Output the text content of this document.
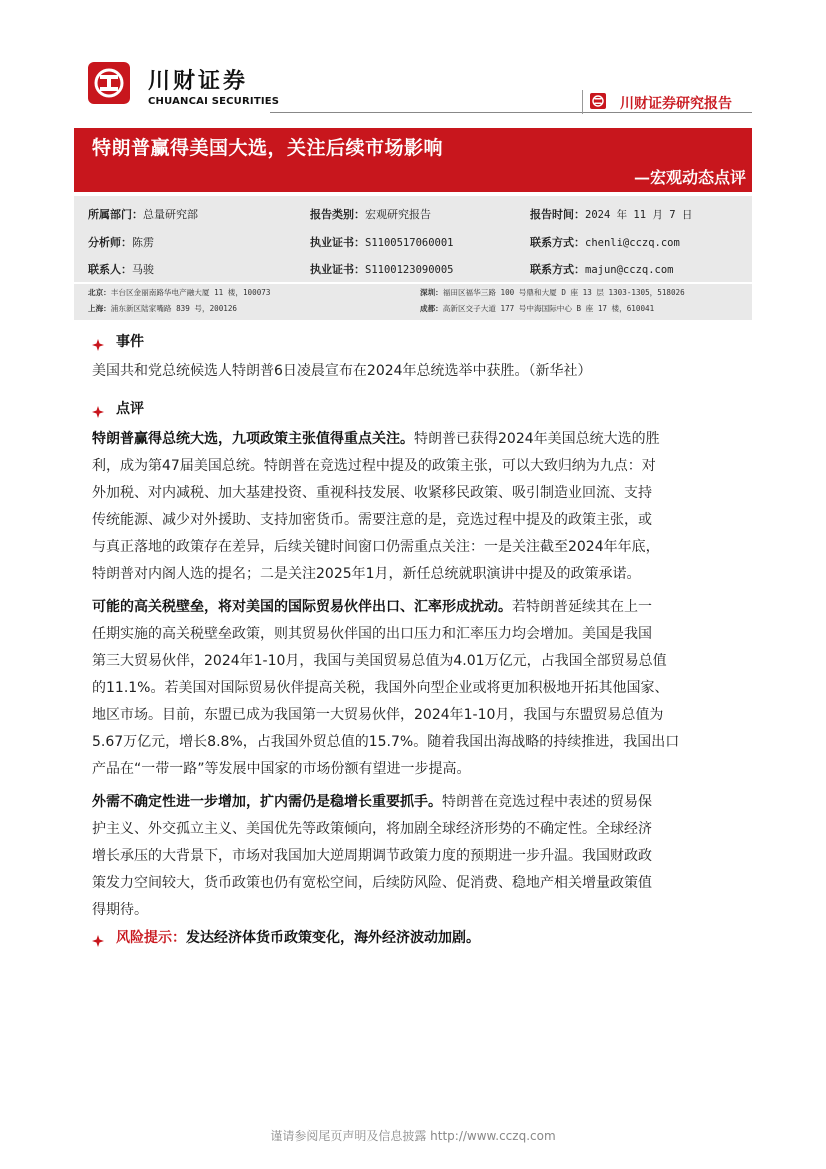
川财证券
CHUANCAI SECURITIES	川财证券研究报告
特朗普赢得美国大选，关注后续市场影响
—宏观动态点评
所属部门：总量研究部	报告类别：宏观研究报告	报告时间：2024 年 11 月 7 日
分析师：陈雳	执业证书：S1100517060001	联系方式：chenli@cczq.com
联系人：马骏	执业证书：S1100123090005	联系方式：majun@cczq.com
北京：丰台区金丽南路华电产融大厦 11 楼，100073	深圳：福田区福华三路 100 号鼎和大厦 D 座 13 层 1303-1305，518026
上海：浦东新区陆家嘴路 839 号，200126	成都：高新区交子大道 177 号中海国际中心 B 座 17 楼，610041
事件
美国共和党总统候选人特朗普6日凌晨宣布在2024年总统选举中获胜。（新华社）
点评
特朗普赢得总统大选，九项政策主张值得重点关注。特朗普已获得2024年美国总统大选的胜
利，成为第47届美国总统。特朗普在竞选过程中提及的政策主张，可以大致归纳为九点：对
外加税、对内减税、加大基建投资、重视科技发展、收紧移民政策、吸引制造业回流、支持
传统能源、减少对外援助、支持加密货币。需要注意的是，竞选过程中提及的政策主张，或
与真正落地的政策存在差异，后续关键时间窗口仍需重点关注：一是关注截至2024年年底，
特朗普对内阁人选的提名；二是关注2025年1月，新任总统就职演讲中提及的政策承诺。
可能的高关税壁垒，将对美国的国际贸易伙伴出口、汇率形成扰动。若特朗普延续其在上一
任期实施的高关税壁垒政策，则其贸易伙伴国的出口压力和汇率压力均会增加。美国是我国
第三大贸易伙伴，2024年1-10月，我国与美国贸易总值为4.01万亿元，占我国全部贸易总值
的11.1%。若美国对国际贸易伙伴提高关税，我国外向型企业或将更加积极地开拓其他国家、
地区市场。目前，东盟已成为我国第一大贸易伙伴，2024年1-10月，我国与东盟贸易总值为
5.67万亿元，增长8.8%，占我国外贸总值的15.7%。随着我国出海战略的持续推进，我国出口
产品在“一带一路”等发展中国家的市场份额有望进一步提高。
外需不确定性进一步增加，扩内需仍是稳增长重要抓手。特朗普在竞选过程中表述的贸易保
护主义、外交孤立主义、美国优先等政策倾向，将加剧全球经济形势的不确定性。全球经济
增长承压的大背景下，市场对我国加大逆周期调节政策力度的预期进一步升温。我国财政政
策发力空间较大，货币政策也仍有宽松空间，后续防风险、促消费、稳地产相关增量政策值
得期待。
风险提示：发达经济体货币政策变化，海外经济波动加剧。
谨请参阅尾页声明及信息披露 http://www.cczq.com
